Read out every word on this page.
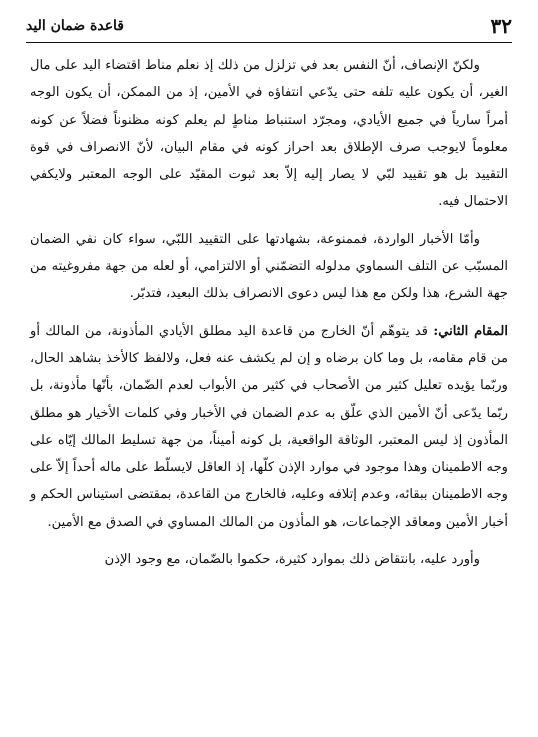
٣٢
قاعدة ضمان اليد

ولكنّ الإنصاف، أنّ النفس بعد في تزلزل من ذلك إذ نعلم مناط اقتضاء اليد على مال الغير، أن يكون عليه تلفه حتى يدّعي انتفاؤه في الأمين، إذ من الممكن، أن يكون الوجه أمراً سارياً في جميع الأيادي، ومجرّد استنباط مناطٍ لم يعلم كونه مظنوناً فضلاً عن كونه معلوماً لايوجب صرف الإطلاق بعد احراز كونه في مقام البيان، لأنّ الانصراف في قوة التقييد بل هو تقييد لبّي لا يصار إليه إلاّ بعد ثبوت المقيّد على الوجه المعتبر ولايكفي الاحتمال فيه.

وأمّا الأخبار الواردة، فممنوعة، بشهادتها على التقييد اللبّي، سواء كان نفي الضمان المسبّب عن التلف السماوي مدلوله التضمّني أو الالتزامي، أو لعله من جهة مفروغيته من جهة الشرع، هذا ولكن مع هذا ليس دعوى الانصراف بذلك البعيد، فتدبّر.

المقام الثاني: قد يتوهّم أنّ الخارج من قاعدة اليد مطلق الأيادي المأذونة، من المالك أو من قام مقامه، بل وما كان برضاه و إن لم يكشف عنه فعل، ولالفظ كالأخذ بشاهد الحال، وربّما يؤيده تعليل كثير من الأصحاب في كثير من الأبواب لعدم الضّمان، بأنّها مأذونة، بل ربّما يدّعى أنّ الأمين الذي علّق به عدم الضمان في الأخبار وفي كلمات الأخيار هو مطلق المأذون إذ ليس المعتبر، الوثاقة الواقعية، بل كونه أميناً، من جهة تسليط المالك إيّاه على وجه الاطمينان وهذا موجود في موارد الإذن كلّها، إذ العاقل لايسلّط على ماله أحداً إلاّ على وجه الاطمينان ببقائه، وعدم إتلافه وعليه، فالخارج من القاعدة، بمقتضى استيناس الحكم و أخبار الأمين ومعاقد الإجماعات، هو المأذون من المالك المساوي في الصدق مع الأمين.

وأورد عليه، بانتقاض ذلك بموارد كثيرة، حكموا بالضّمان، مع وجود الإذن
